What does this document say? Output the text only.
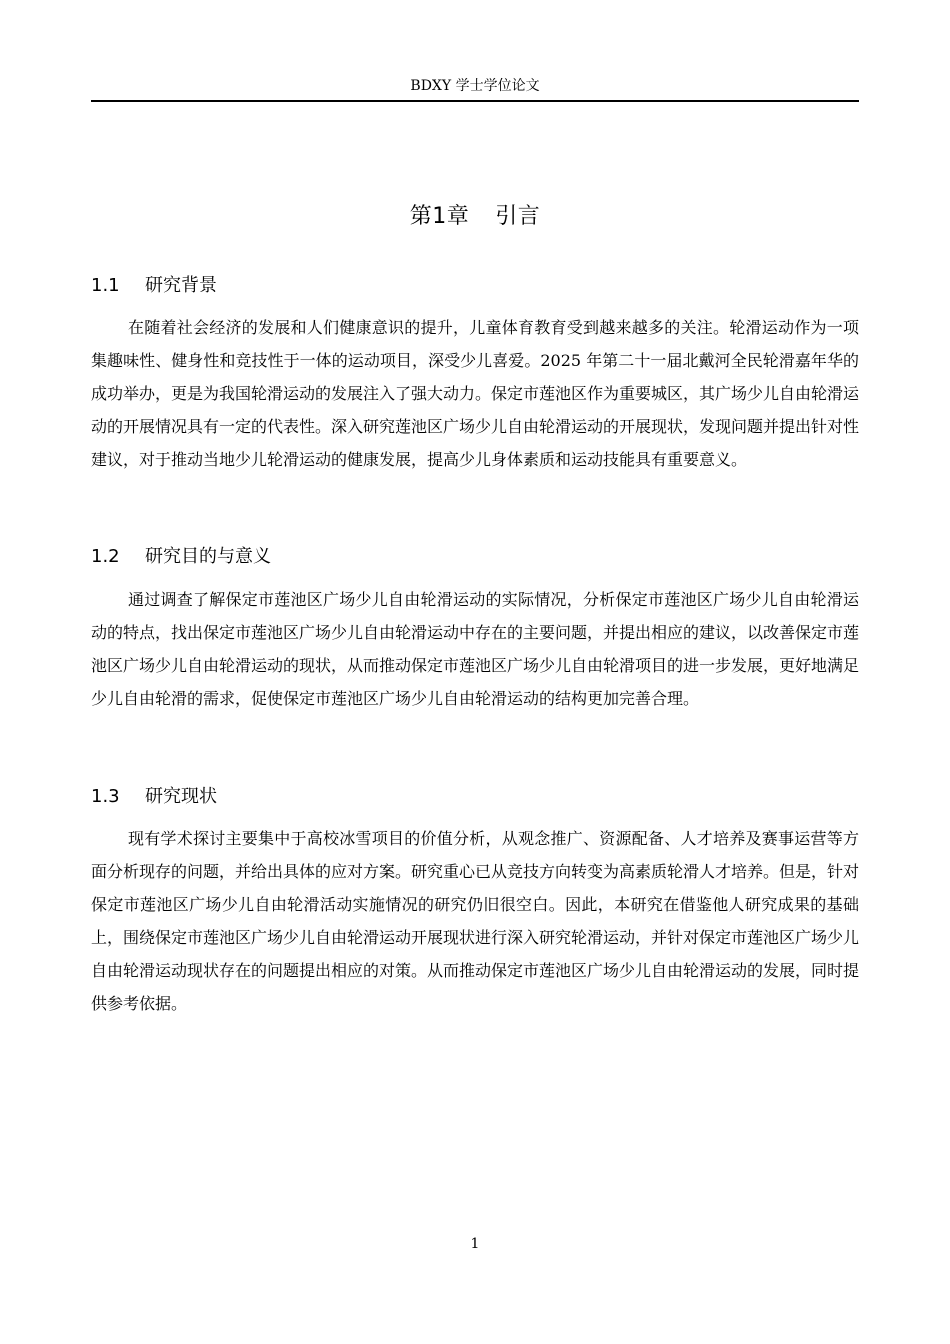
BDXY 学士学位论文
第1章 引言
1.1 研究背景

在随着社会经济的发展和人们健康意识的提升，儿童体育教育受到越来越多的关注。轮滑运动作为一项集趣味性、健身性和竞技性于一体的运动项目，深受少儿喜爱。2025 年第二十一届北戴河全民轮滑嘉年华的成功举办，更是为我国轮滑运动的发展注入了强大动力。保定市莲池区作为重要城区，其广场少儿自由轮滑运动的开展情况具有一定的代表性。深入研究莲池区广场少儿自由轮滑运动的开展现状，发现问题并提出针对性建议，对于推动当地少儿轮滑运动的健康发展，提高少儿身体素质和运动技能具有重要意义。

1.2 研究目的与意义

通过调查了解保定市莲池区广场少儿自由轮滑运动的实际情况，分析保定市莲池区广场少儿自由轮滑运动的特点，找出保定市莲池区广场少儿自由轮滑运动中存在的主要问题，并提出相应的建议，以改善保定市莲池区广场少儿自由轮滑运动的现状，从而推动保定市莲池区广场少儿自由轮滑项目的进一步发展，更好地满足少儿自由轮滑的需求，促使保定市莲池区广场少儿自由轮滑运动的结构更加完善合理。

1.3 研究现状

现有学术探讨主要集中于高校冰雪项目的价值分析，从观念推广、资源配备、人才培养及赛事运营等方面分析现存的问题，并给出具体的应对方案。研究重心已从竞技方向转变为高素质轮滑人才培养。但是，针对保定市莲池区广场少儿自由轮滑活动实施情况的研究仍旧很空白。因此，本研究在借鉴他人研究成果的基础上，围绕保定市莲池区广场少儿自由轮滑运动开展现状进行深入研究轮滑运动，并针对保定市莲池区广场少儿自由轮滑运动现状存在的问题提出相应的对策。从而推动保定市莲池区广场少儿自由轮滑运动的发展，同时提供参考依据。

1
